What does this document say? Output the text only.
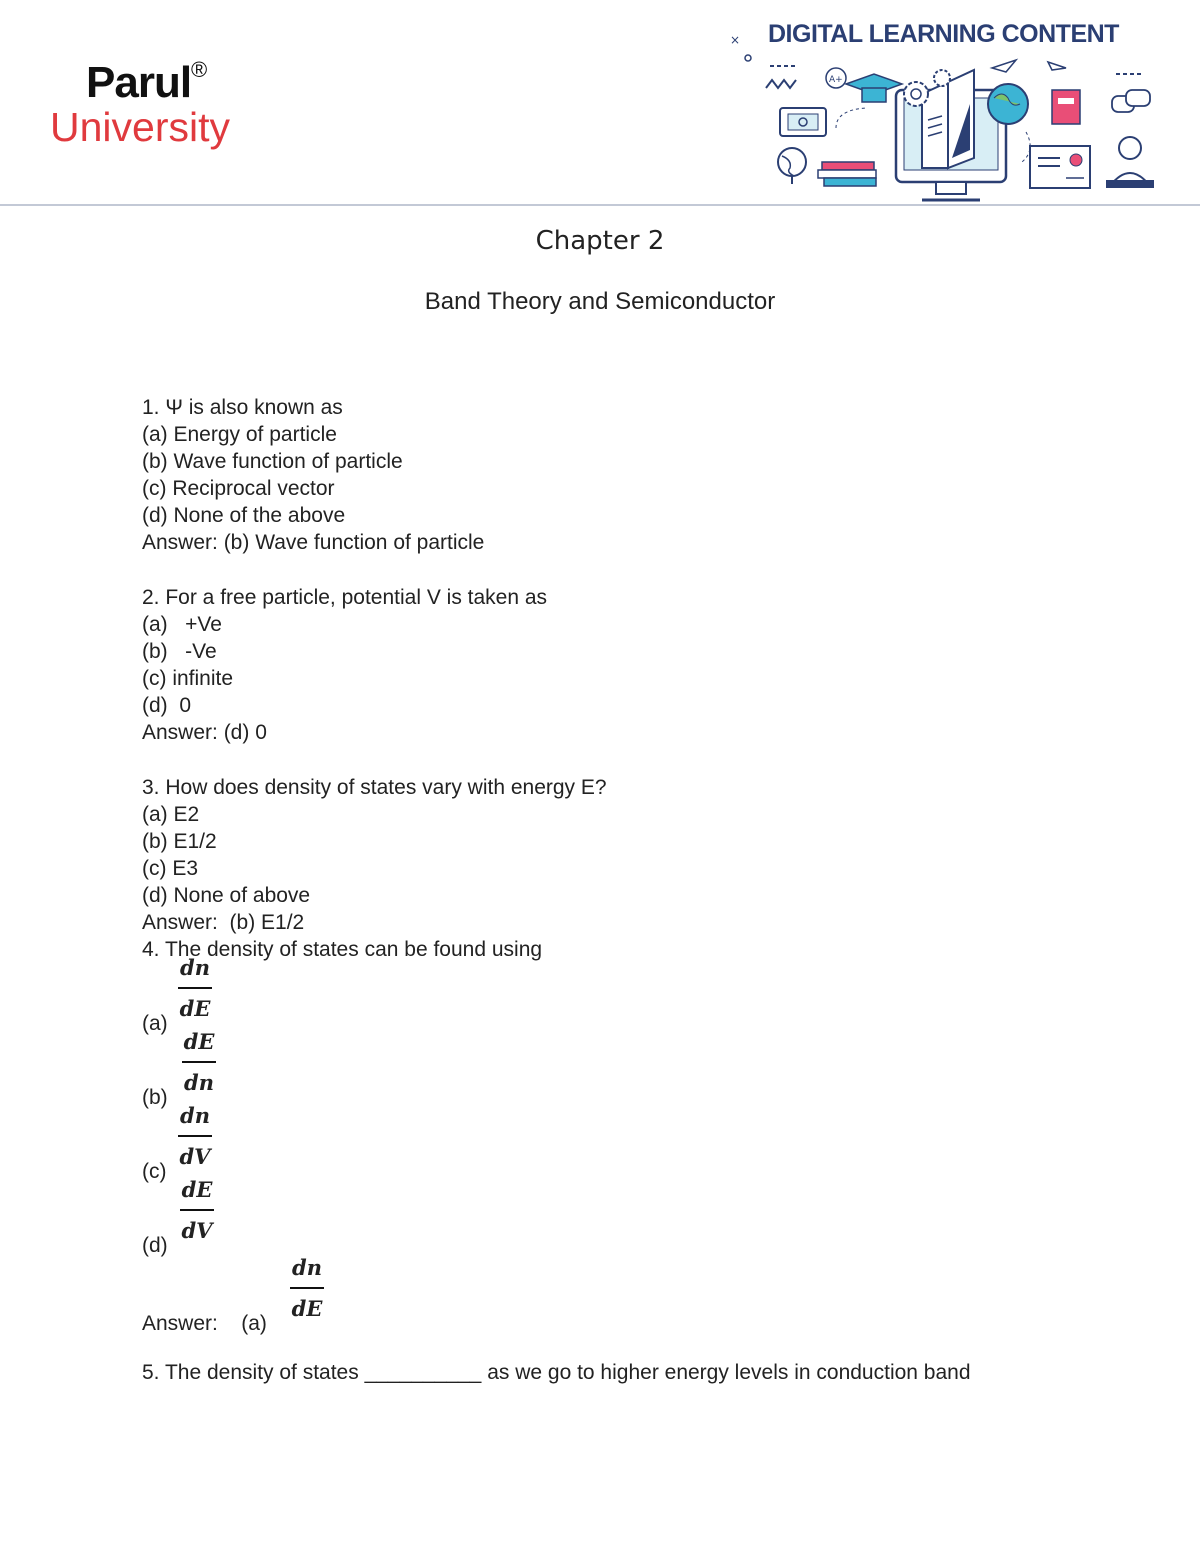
Parul®
University
DIGITAL LEARNING CONTENT
×
A+
Chapter 2
Band Theory and Semiconductor
1. Ψ is also known as
(a) Energy of particle
(b) Wave function of particle
(c) Reciprocal vector
(d) None of the above
Answer: (b) Wave function of particle
2. For a free particle, potential V is taken as
(a)   +Ve
(b)   -Ve
(c) infinite
(d)  0
Answer: (d) 0
3. How does density of states vary with energy E?
(a) E2
(b) E1/2
(c) E3
(d) None of above
Answer:  (b) E1/2
4. The density of states can be found using
(a)
dn
dE
(b)
dE
dn
(c)
dn
dV
(d)
dE
dV
Answer:    (a)
dn
dE
5. The density of states __________ as we go to higher energy levels in conduction band
